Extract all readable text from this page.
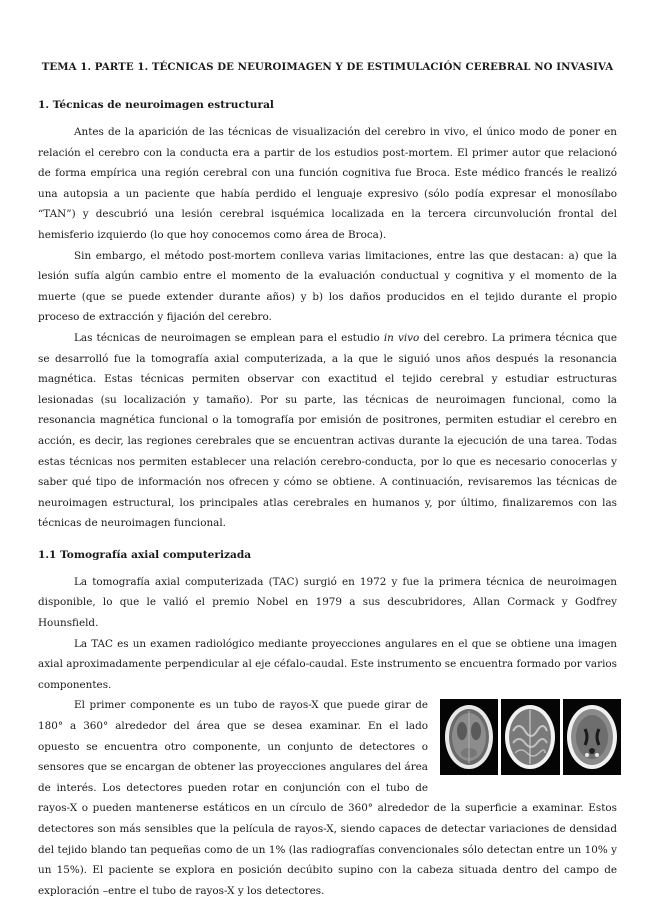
TEMA 1. PARTE 1. TÉCNICAS DE NEUROIMAGEN Y DE ESTIMULACIÓN CEREBRAL NO INVASIVA
1. Técnicas de neuroimagen estructural

Antes de la aparición de las técnicas de visualización del cerebro in vivo, el único modo de poner en relación el cerebro con la conducta era a partir de los estudios post-mortem. El primer autor que relacionó de forma empírica una región cerebral con una función cognitiva fue Broca. Este médico francés le realizó una autopsia a un paciente que había perdido el lenguaje expresivo (sólo podía expresar el monosílabo “TAN”) y descubrió una lesión cerebral isquémica localizada en la tercera circunvolución frontal del hemisferio izquierdo (lo que hoy conocemos como área de Broca).

Sin embargo, el método post-mortem conlleva varias limitaciones, entre las que destacan: a) que la lesión sufía algún cambio entre el momento de la evaluación conductual y cognitiva y el momento de la muerte (que se puede extender durante años) y b) los daños producidos en el tejido durante el propio proceso de extracción y fijación del cerebro.

Las técnicas de neuroimagen se emplean para el estudio in vivo del cerebro. La primera técnica que se desarrolló fue la tomografía axial computerizada, a la que le siguió unos años después la resonancia magnética. Estas técnicas permiten observar con exactitud el tejido cerebral y estudiar estructuras lesionadas (su localización y tamaño). Por su parte, las técnicas de neuroimagen funcional, como la resonancia magnética funcional o la tomografía por emisión de positrones, permiten estudiar el cerebro en acción, es decir, las regiones cerebrales que se encuentran activas durante la ejecución de una tarea. Todas estas técnicas nos permiten establecer una relación cerebro-conducta, por lo que es necesario conocerlas y saber qué tipo de información nos ofrecen y cómo se obtiene. A continuación, revisaremos las técnicas de neuroimagen estructural, los principales atlas cerebrales en humanos y, por último, finalizaremos con las técnicas de neuroimagen funcional.

1.1 Tomografía axial computerizada

La tomografía axial computerizada (TAC) surgió en 1972 y fue la primera técnica de neuroimagen disponible, lo que le valió el premio Nobel en 1979 a sus descubridores, Allan Cormack y Godfrey Hounsfield.

La TAC es un examen radiológico mediante proyecciones angulares en el que se obtiene una imagen axial aproximadamente perpendicular al eje céfalo-caudal. Este instrumento se encuentra formado por varios componentes.

El primer componente es un tubo de rayos-X que puede girar de 180° a 360° alrededor del área que se desea examinar. En el lado opuesto se encuentra otro componente, un conjunto de detectores o sensores que se encargan de obtener las proyecciones angulares del área de interés. Los detectores pueden rotar en conjunción con el tubo de rayos-X o pueden mantenerse estáticos en un círculo de 360° alrededor de la superficie a examinar. Estos detectores son más sensibles que la película de rayos-X, siendo capaces de detectar variaciones de densidad del tejido blando tan pequeñas como de un 1% (las radiografías convencionales sólo detectan entre un 10% y un 15%). El paciente se explora en posición decúbito supino con la cabeza situada dentro del campo de exploración –entre el tubo de rayos-X y los detectores.
